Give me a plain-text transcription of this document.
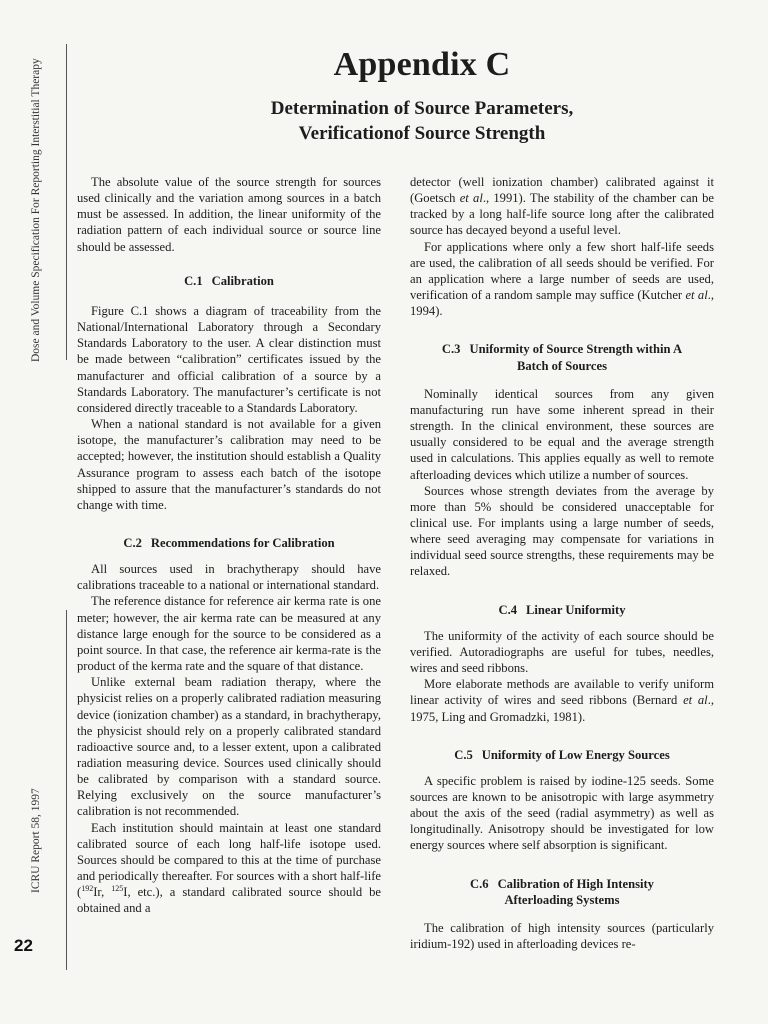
Dose and Volume Specification For Reporting Interstitial Therapy
ICRU Report 58, 1997
22
Appendix C
Determination of Source Parameters,
Verificationof Source Strength

The absolute value of the source strength for sources used clinically and the variation among sources in a batch must be assessed. In addition, the linear uniformity of the radiation pattern of each individual source or source line should be assessed.

C.1 Calibration

Figure C.1 shows a diagram of traceability from the National/International Laboratory through a Secondary Standards Laboratory to the user. A clear distinction must be made between “calibration” certificates issued by the manufacturer and official calibration of a source by a Standards Laboratory. The manufacturer’s certificate is not considered directly traceable to a Standards Laboratory.

When a national standard is not available for a given isotope, the manufacturer’s calibration may need to be accepted; however, the institution should establish a Quality Assurance program to assess each batch of the isotope shipped to assure that the manufacturer’s standards do not change with time.

C.2 Recommendations for Calibration

All sources used in brachytherapy should have calibrations traceable to a national or international standard.

The reference distance for reference air kerma rate is one meter; however, the air kerma rate can be measured at any distance large enough for the source to be considered as a point source. In that case, the reference air kerma-rate is the product of the kerma rate and the square of that distance.

Unlike external beam radiation therapy, where the physicist relies on a properly calibrated radiation measuring device (ionization chamber) as a standard, in brachytherapy, the physicist should rely on a properly calibrated standard radioactive source and, to a lesser extent, upon a calibrated radiation measuring device. Sources used clinically should be calibrated by comparison with a standard source. Relying exclusively on the source manufacturer’s calibration is not recommended.

Each institution should maintain at least one standard calibrated source of each long half-life isotope used. Sources should be compared to this at the time of purchase and periodically thereafter. For sources with a short half-life ($^{192}$Ir, $^{125}$I, etc.), a standard calibrated source should be obtained and a

detector (well ionization chamber) calibrated against it (Goetsch et al., 1991). The stability of the chamber can be tracked by a long half-life source long after the calibrated source has decayed beyond a useful level.

For applications where only a few short half-life seeds are used, the calibration of all seeds should be verified. For an application where a large number of seeds are used, verification of a random sample may suffice (Kutcher et al., 1994).

C.3 Uniformity of Source Strength within A
Batch of Sources

Nominally identical sources from any given manufacturing run have some inherent spread in their strength. In the clinical environment, these sources are usually considered to be equal and the average strength used in calculations. This applies equally as well to remote afterloading devices which utilize a number of sources.

Sources whose strength deviates from the average by more than 5% should be considered unacceptable for clinical use. For implants using a large number of seeds, where seed averaging may compensate for variations in individual seed source strengths, these requirements may be relaxed.

C.4 Linear Uniformity

The uniformity of the activity of each source should be verified. Autoradiographs are useful for tubes, needles, wires and seed ribbons.

More elaborate methods are available to verify uniform linear activity of wires and seed ribbons (Bernard et al., 1975, Ling and Gromadzki, 1981).

C.5 Uniformity of Low Energy Sources

A specific problem is raised by iodine-125 seeds. Some sources are known to be anisotropic with large asymmetry about the axis of the seed (radial asymmetry) as well as longitudinally. Anisotropy should be investigated for low energy sources where self absorption is significant.

C.6 Calibration of High Intensity
Afterloading Systems

The calibration of high intensity sources (particularly iridium-192) used in afterloading devices re-
